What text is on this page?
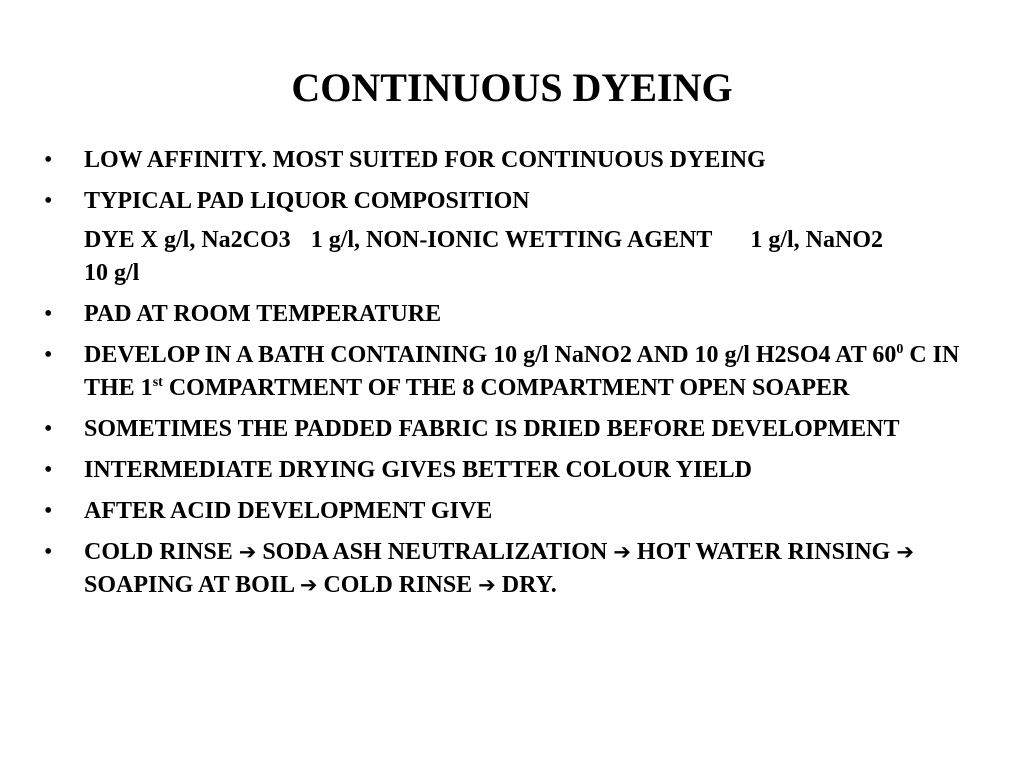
CONTINUOUS DYEING
• LOW AFFINITY. MOST SUITED FOR CONTINUOUS DYEING
• TYPICAL PAD LIQUOR COMPOSITION
DYE X g/l, Na2CO3 1 g/l, NON-IONIC WETTING AGENT 1 g/l, NaNO2 10 g/l
• PAD AT ROOM TEMPERATURE
• DEVELOP IN A BATH CONTAINING 10 g/l NaNO2 AND 10 g/l H2SO4 AT $60^0$ C IN THE 1st COMPARTMENT OF THE 8 COMPARTMENT OPEN SOAPER
• SOMETIMES THE PADDED FABRIC IS DRIED BEFORE DEVELOPMENT
• INTERMEDIATE DRYING GIVES BETTER COLOUR YIELD
• AFTER ACID DEVELOPMENT GIVE
• COLD RINSE ➔ SODA ASH NEUTRALIZATION ➔ HOT WATER RINSING ➔ SOAPING AT BOIL ➔ COLD RINSE ➔ DRY.
